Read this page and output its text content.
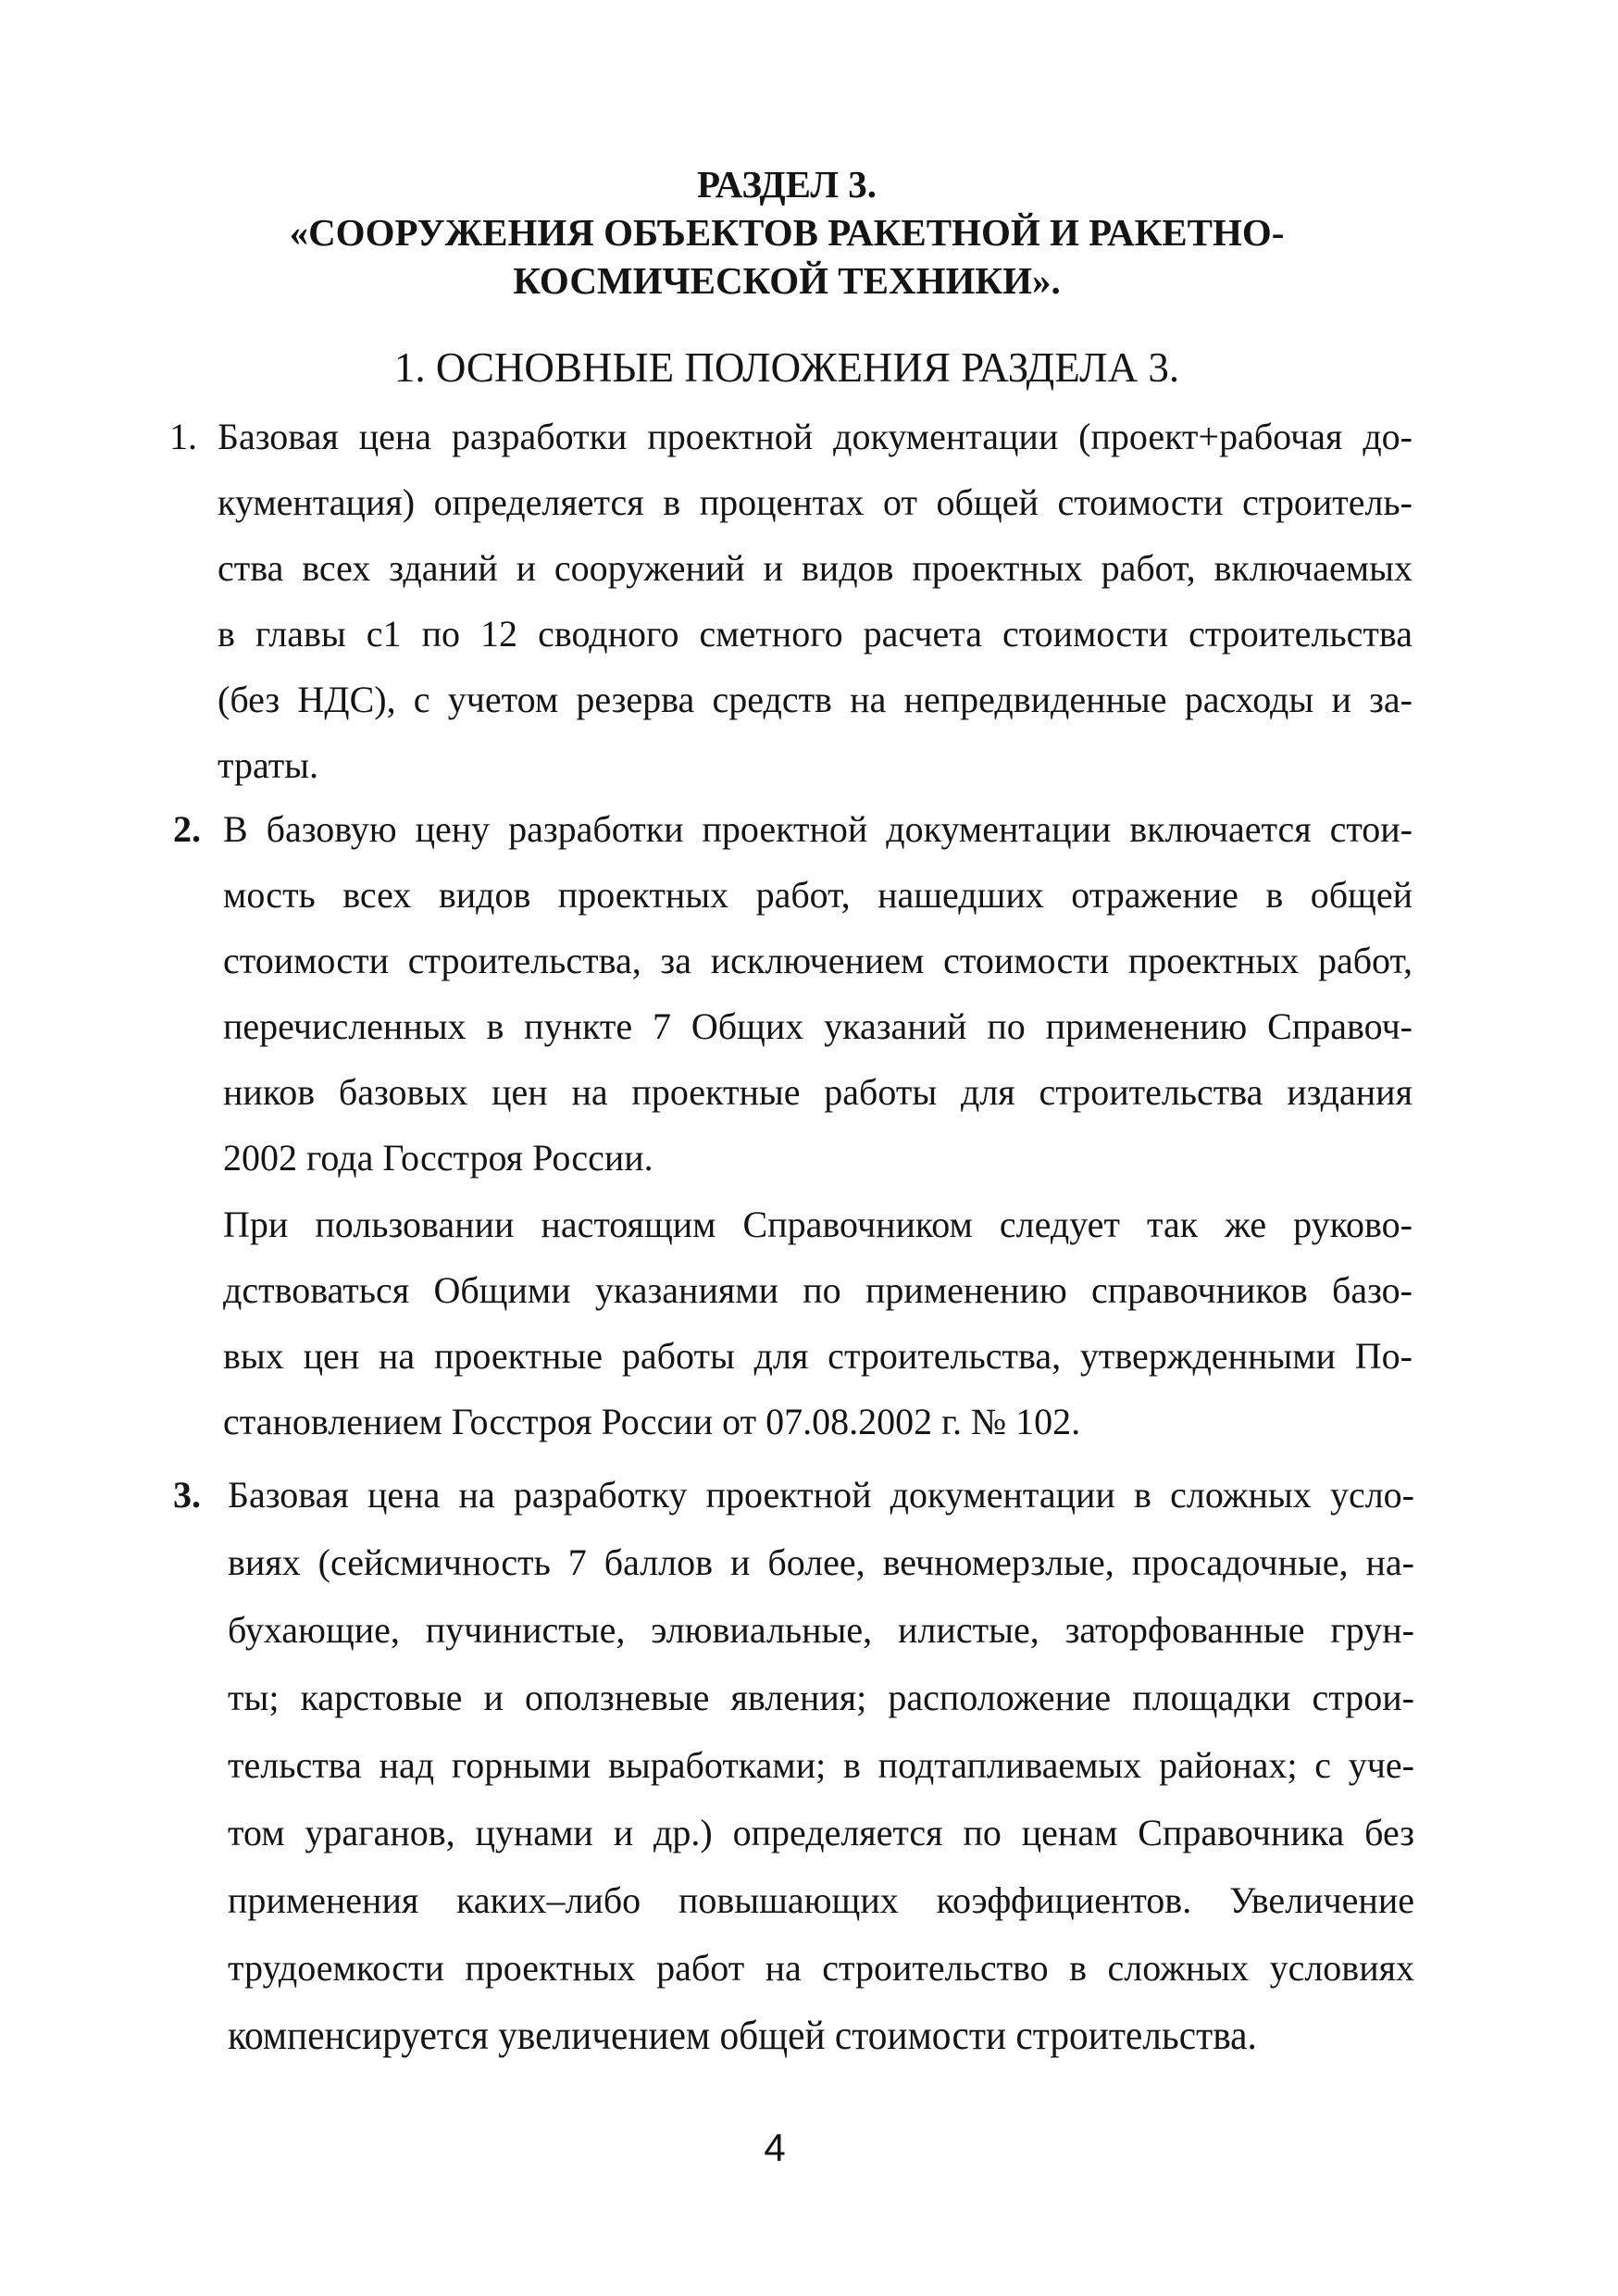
РАЗДЕЛ 3.
«СООРУЖЕНИЯ ОБЪЕКТОВ РАКЕТНОЙ И РАКЕТНО-
КОСМИЧЕСКОЙ ТЕХНИКИ».
1. ОСНОВНЫЕ ПОЛОЖЕНИЯ РАЗДЕЛА 3.
1. Базовая цена разработки проектной документации (проект+рабочая до-
кументация) определяется в процентах от общей стоимости строитель-
ства всех зданий и сооружений и видов проектных работ, включаемых
в главы с1 по 12 сводного сметного расчета стоимости строительства
(без НДС), с учетом резерва средств на непредвиденные расходы и за-
траты.
2. В базовую цену разработки проектной документации включается стои-
мость всех видов проектных работ, нашедших отражение в общей
стоимости строительства, за исключением стоимости проектных работ,
перечисленных в пункте 7 Общих указаний по применению Справоч-
ников базовых цен на проектные работы для строительства издания
2002 года Госстроя России.
При пользовании настоящим Справочником следует так же руково-
дствоваться Общими указаниями по применению справочников базо-
вых цен на проектные работы для строительства, утвержденными По-
становлением Госстроя России от 07.08.2002 г. № 102.
3. Базовая цена на разработку проектной документации в сложных усло-
виях (сейсмичность 7 баллов и более, вечномерзлые, просадочные, на-
бухающие, пучинистые, элювиальные, илистые, заторфованные грун-
ты; карстовые и оползневые явления; расположение площадки строи-
тельства над горными выработками; в подтапливаемых районах; с уче-
том ураганов, цунами и др.) определяется по ценам Справочника без
применения каких–либо повышающих коэффициентов. Увеличение
трудоемкости проектных работ на строительство в сложных условиях
компенсируется увеличением общей стоимости строительства.
4
